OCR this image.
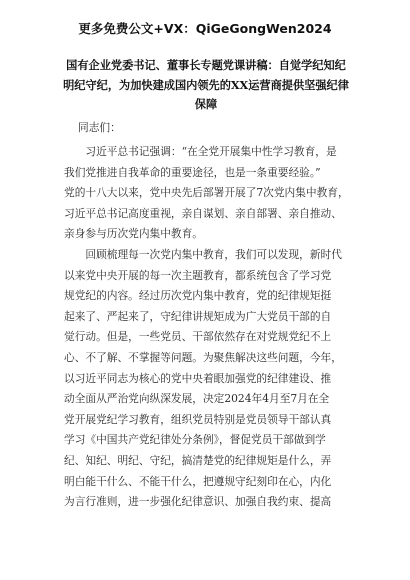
更多免费公文+VX：QiGeGongWen2024
国有企业党委书记、董事长专题党课讲稿：自觉学纪知纪
明纪守纪，为加快建成国内领先的XX运营商提供坚强纪律
保障
同志们：
　　习近平总书记强调：“在全党开展集中性学习教育，是
我们党推进自我革命的重要途径，也是一条重要经验。”
党的十八大以来，党中央先后部署开展了7次党内集中教育，
习近平总书记高度重视，亲自谋划、亲自部署、亲自推动、
亲身参与历次党内集中教育。
　　回顾梳理每一次党内集中教育，我们可以发现，新时代
以来党中央开展的每一次主题教育，都系统包含了学习党
规党纪的内容。经过历次党内集中教育，党的纪律规矩挺
起来了、严起来了，守纪律讲规矩成为广大党员干部的自
觉行动。但是，一些党员、干部依然存在对党规党纪不上
心、不了解、不掌握等问题。为聚焦解决这些问题，今年，
以习近平同志为核心的党中央着眼加强党的纪律建设、推
动全面从严治党向纵深发展，决定2024年4月至7月在全
党开展党纪学习教育，组织党员特别是党员领导干部认真
学习《中国共产党纪律处分条例》，督促党员干部做到学
纪、知纪、明纪、守纪，搞清楚党的纪律规矩是什么，弄
明白能干什么、不能干什么，把遵规守纪刻印在心，内化
为言行准则，进一步强化纪律意识、加强自我约束、提高
